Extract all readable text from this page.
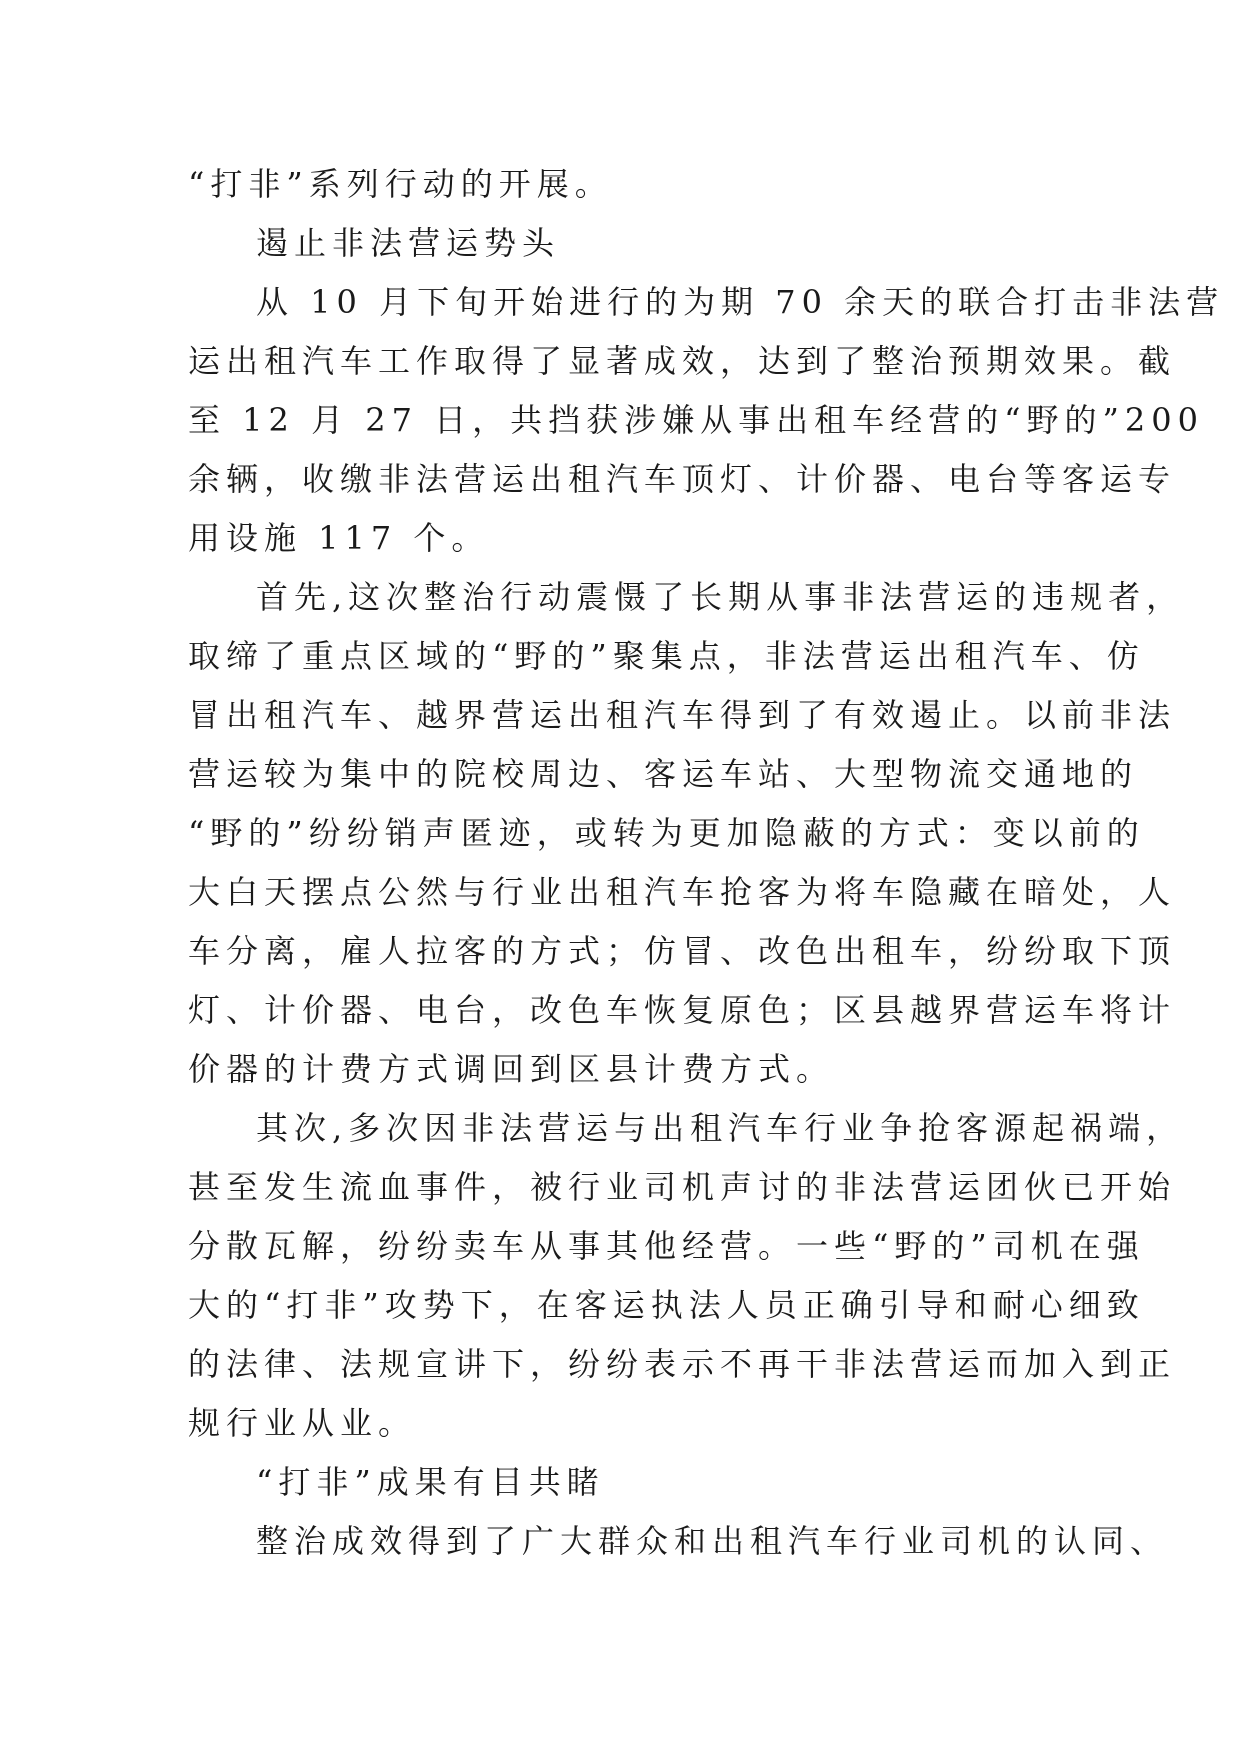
“打非”系列行动的开展。
遏止非法营运势头
从 10 月下旬开始进行的为期 70 余天的联合打击非法营
运出租汽车工作取得了显著成效，达到了整治预期效果。截
至 12 月 27 日，共挡获涉嫌从事出租车经营的“野的”200
余辆，收缴非法营运出租汽车顶灯、计价器、电台等客运专
用设施 117 个。
首先,这次整治行动震慑了长期从事非法营运的违规者，
取缔了重点区域的“野的”聚集点，非法营运出租汽车、仿
冒出租汽车、越界营运出租汽车得到了有效遏止。以前非法
营运较为集中的院校周边、客运车站、大型物流交通地的
“野的”纷纷销声匿迹，或转为更加隐蔽的方式：变以前的
大白天摆点公然与行业出租汽车抢客为将车隐藏在暗处，人
车分离，雇人拉客的方式；仿冒、改色出租车，纷纷取下顶
灯、计价器、电台，改色车恢复原色；区县越界营运车将计
价器的计费方式调回到区县计费方式。
其次,多次因非法营运与出租汽车行业争抢客源起祸端，
甚至发生流血事件，被行业司机声讨的非法营运团伙已开始
分散瓦解，纷纷卖车从事其他经营。一些“野的”司机在强
大的“打非”攻势下，在客运执法人员正确引导和耐心细致
的法律、法规宣讲下，纷纷表示不再干非法营运而加入到正
规行业从业。
“打非”成果有目共睹
整治成效得到了广大群众和出租汽车行业司机的认同、
